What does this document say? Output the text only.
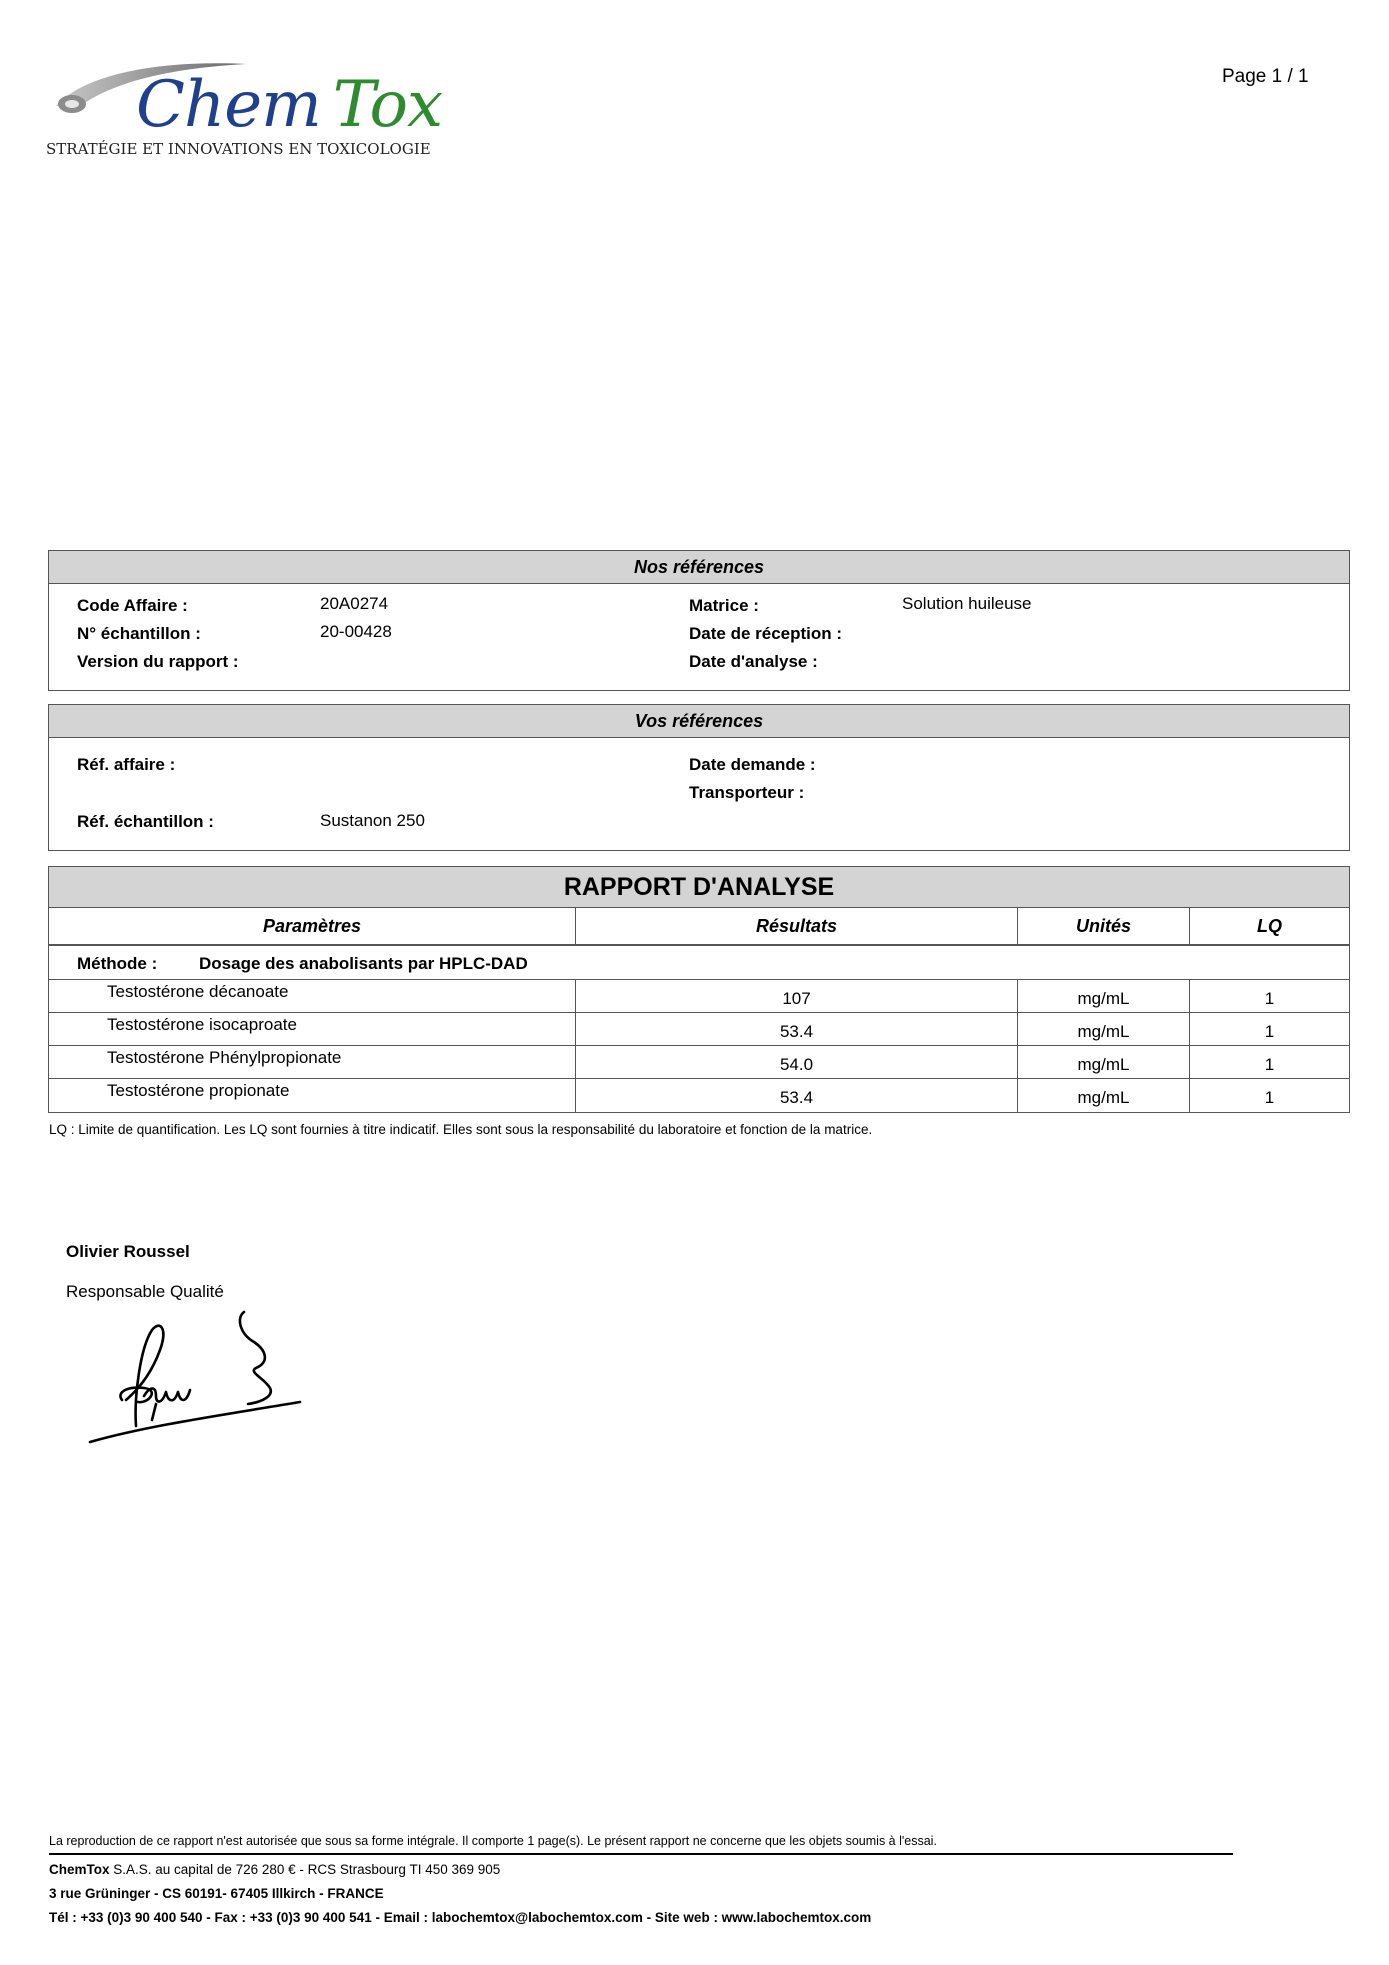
Chem Tox
STRATÉGIE ET INNOVATIONS EN TOXICOLOGIE
Page 1 / 1
Nos références
Code Affaire :	20A0274
N° échantillon :	20-00428
Version du rapport :
Matrice :	Solution huileuse
Date de réception :
Date d'analyse :
Vos références
Réf. affaire :
Réf. échantillon :	Sustanon 250
Date demande :
Transporteur :
RAPPORT D'ANALYSE
Paramètres	Résultats	Unités	LQ
Méthode : Dosage des anabolisants par HPLC-DAD
Testostérone décanoate	107	mg/mL	1
Testostérone isocaproate	53.4	mg/mL	1
Testostérone Phénylpropionate	54.0	mg/mL	1
Testostérone propionate	53.4	mg/mL	1
LQ : Limite de quantification. Les LQ sont fournies à titre indicatif. Elles sont sous la responsabilité du laboratoire et fonction de la matrice.
Olivier Roussel
Responsable Qualité
La reproduction de ce rapport n'est autorisée que sous sa forme intégrale. Il comporte 1 page(s). Le présent rapport ne concerne que les objets soumis à l'essai.
ChemTox S.A.S. au capital de 726 280 € - RCS Strasbourg TI 450 369 905
3 rue Grüninger - CS 60191- 67405 Illkirch - FRANCE
Tél : +33 (0)3 90 400 540 - Fax : +33 (0)3 90 400 541 - Email : labochemtox@labochemtox.com - Site web : www.labochemtox.com
